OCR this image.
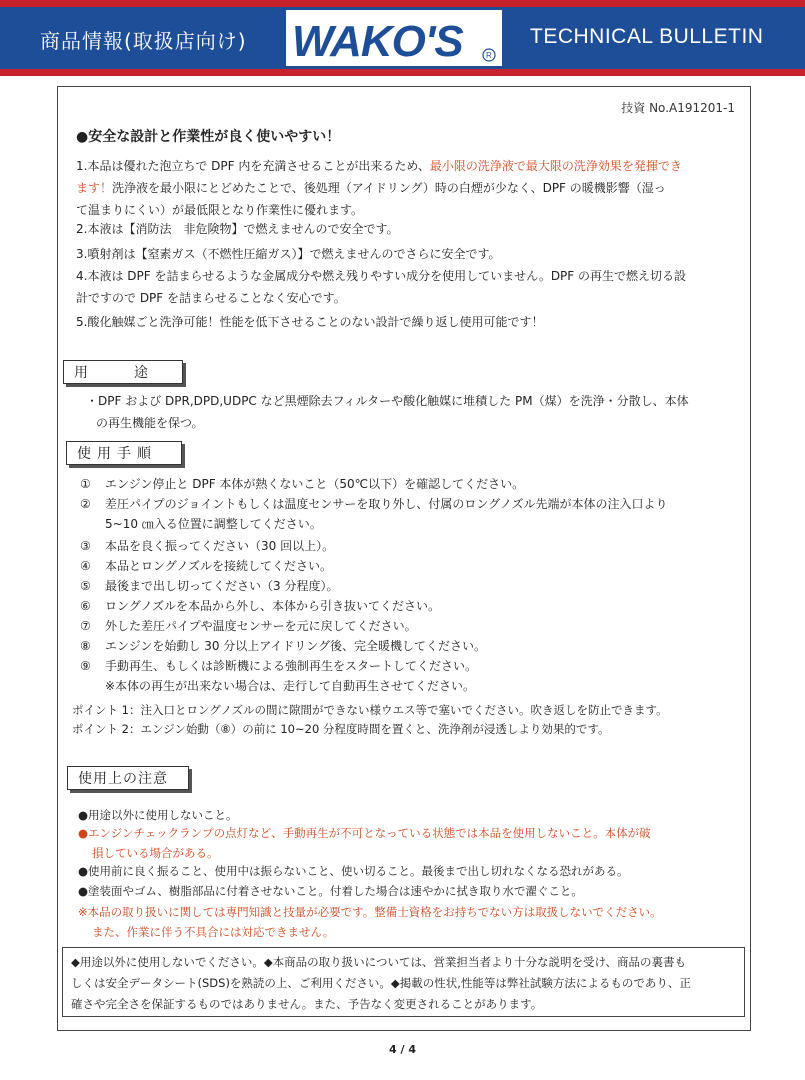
商品情報(取扱店向け) WAKO'S	R
TECHNICAL BULLETIN
技資 No.A191201-1
●安全な設計と作業性が良く使いやすい！
1.本品は優れた泡立ちで DPF 内を充満させることが出来るため、最小限の洗浄液で最大限の洗浄効果を発揮でき
ます！洗浄液を最小限にとどめたことで、後処理（アイドリング）時の白煙が少なく、DPF の暖機影響（湿っ
て温まりにくい）が最低限となり作業性に優れます。
2.本液は【消防法　非危険物】で燃えませんので安全です。
3.噴射剤は【窒素ガス（不燃性圧縮ガス）】で燃えませんのでさらに安全です。
4.本液は DPF を詰まらせるような金属成分や燃え残りやすい成分を使用していません。DPF の再生で燃え切る設
計ですので DPF を詰まらせることなく安心です。
5.酸化触媒ごと洗浄可能！性能を低下させることのない設計で繰り返し使用可能です！
用　　途
・DPF および DPR,DPD,UDPC など黒煙除去フィルターや酸化触媒に堆積した PM（煤）を洗浄・分散し、本体
の再生機能を保つ。
使用手順
① エンジン停止と DPF 本体が熱くないこと（50℃以下）を確認してください。
② 差圧パイプのジョイントもしくは温度センサーを取り外し、付属のロングノズル先端が本体の注入口より
5~10 ㎝入る位置に調整してください。
③ 本品を良く振ってください（30 回以上）。
④ 本品とロングノズルを接続してください。
⑤ 最後まで出し切ってください（3 分程度）。
⑥ ロングノズルを本品から外し、本体から引き抜いてください。
⑦ 外した差圧パイプや温度センサーを元に戻してください。
⑧ エンジンを始動し 30 分以上アイドリング後、完全暖機してください。
⑨ 手動再生、もしくは診断機による強制再生をスタートしてください。
※本体の再生が出来ない場合は、走行して自動再生させてください。
ポイント 1：注入口とロングノズルの間に隙間ができない様ウエス等で塞いでください。吹き返しを防止できます。
ポイント 2：エンジン始動（⑧）の前に 10~20 分程度時間を置くと、洗浄剤が浸透しより効果的です。
使用上の注意
●用途以外に使用しないこと。
●エンジンチェックランプの点灯など、手動再生が不可となっている状態では本品を使用しないこと。本体が破
損している場合がある。
●使用前に良く振ること、使用中は振らないこと、使い切ること。最後まで出し切れなくなる恐れがある。
●塗装面やゴム、樹脂部品に付着させないこと。付着した場合は速やかに拭き取り水で濯ぐこと。
※本品の取り扱いに関しては専門知識と技量が必要です。整備士資格をお持ちでない方は取扱しないでください。
また、作業に伴う不具合には対応できません。
◆用途以外に使用しないでください。◆本商品の取り扱いについては、営業担当者より十分な説明を受け、商品の裏書も
しくは安全データシート(SDS)を熟読の上、ご利用ください。◆掲載の性状,性能等は弊社試験方法によるものであり、正
確さや完全さを保証するものではありません。また、予告なく変更されることがあります。
4 / 4
